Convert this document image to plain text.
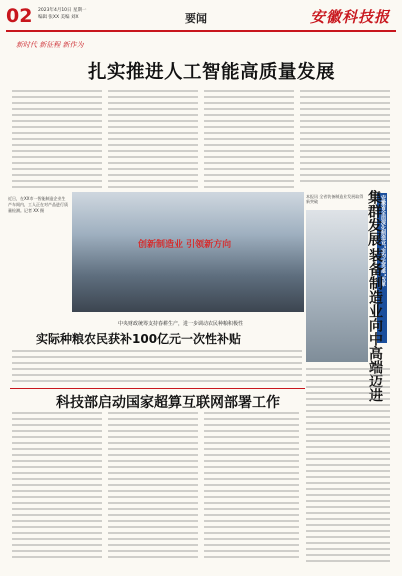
02 2023年4月10日 星期一
编辑 张XX 美编 刘X	要闻	安徽科技报
新时代 新征程 新作为
扎实推进人工智能高质量发展
近日，在XX市一智能制造企业生产车间内，工人正在对产品进行质量检测。记者 XX 摄
创新制造业 引领新方向
本报讯 全省装备制造业发展取得新突破	安徽省全面深化制造业“亩均论英雄”改革
集群发展
装备制造业向中高端迈进
中央财政统筹支持春耕生产，进一步调动农民种粮积极性
实际种粮农民获补100亿元一次性补贴
科技部启动国家超算互联网部署工作
